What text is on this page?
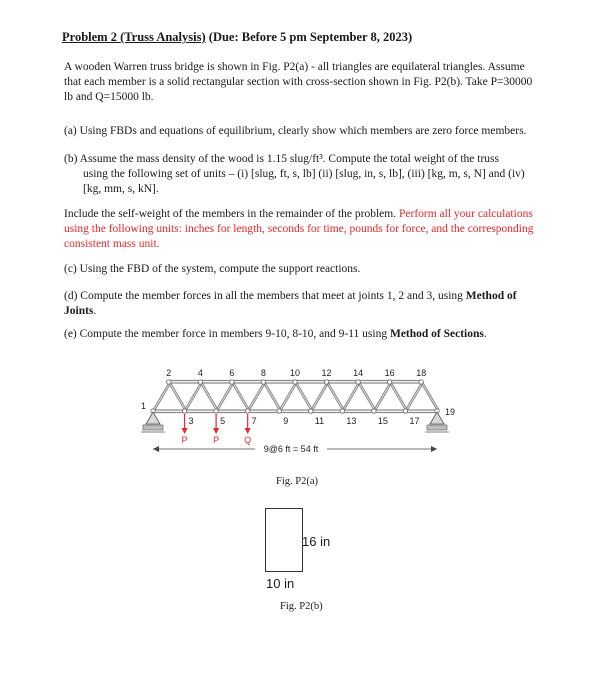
Problem 2 (Truss Analysis) (Due: Before 5 pm September 8, 2023)
A wooden Warren truss bridge is shown in Fig. P2(a) - all triangles are equilateral triangles. Assume that each member is a solid rectangular section with cross-section shown in Fig. P2(b). Take P=30000 lb and Q=15000 lb.
(a) Using FBDs and equations of equilibrium, clearly show which members are zero force members.
(b) Assume the mass density of the wood is 1.15 slug/ft³. Compute the total weight of the truss
using the following set of units – (i) [slug, ft, s, lb] (ii) [slug, in, s, lb], (iii) [kg, m, s, N] and (iv) [kg, mm, s, kN].
Include the self-weight of the members in the remainder of the problem. Perform all your calculations using the following units: inches for length, seconds for time, pounds for force, and the corresponding consistent mass unit.
(c) Using the FBD of the system, compute the support reactions.
(d) Compute the member forces in all the members that meet at joints 1, 2 and 3, using Method of Joints.
(e) Compute the member force in members 9-10, 8-10, and 9-11 using Method of Sections.
2	4	6	8	10 12 14 16 18
1
3	5	7	9	11 13 15 17
19
P	P	Q
9@6 ft = 54 ft
Fig. P2(a)
16 in
10 in
Fig. P2(b)
